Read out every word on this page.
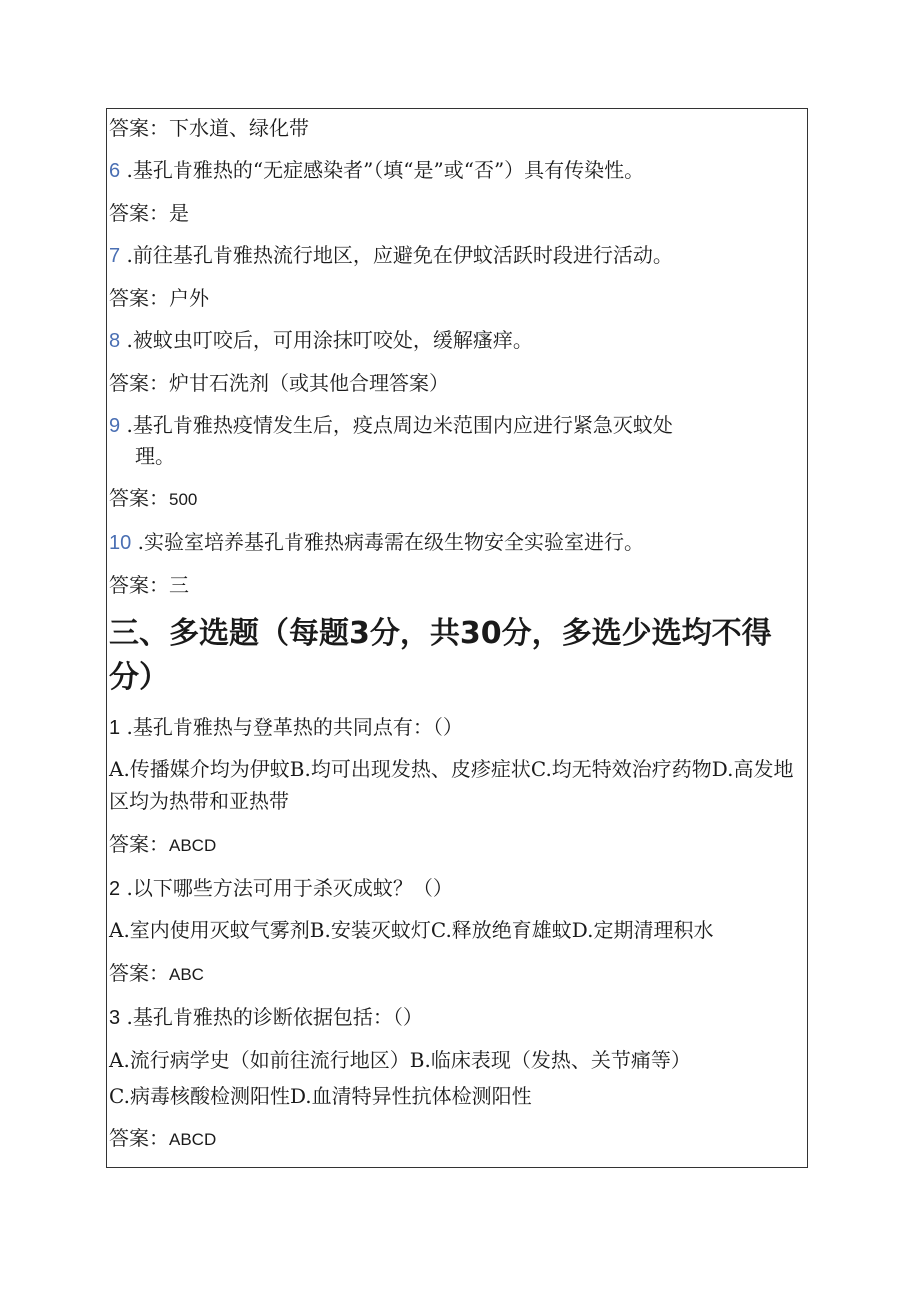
答案：下水道、绿化带

6 .基孔肯雅热的“无症感染者”（填“是”或“否”）具有传染性。

答案：是

7 .前往基孔肯雅热流行地区，应避免在伊蚊活跃时段进行活动。

答案：户外

8 .被蚊虫叮咬后，可用涂抹叮咬处，缓解瘙痒。

答案：炉甘石洗剂（或其他合理答案）

9 .基孔肯雅热疫情发生后，疫点周边米范围内应进行紧急灭蚊处

理。

答案：500

10 .实验室培养基孔肯雅热病毒需在级生物安全实验室进行。

答案：三

三、多选题（每题3分，共30分，多选少选均不得
分）

1 .基孔肯雅热与登革热的共同点有：（）

A.传播媒介均为伊蚊B.均可出现发热、皮疹症状C.均无特效治疗药物D.高发地区均为热带和亚热带

答案：ABCD

2 .以下哪些方法可用于杀灭成蚊？（）

A.室内使用灭蚊气雾剂B.安装灭蚊灯C.释放绝育雄蚊D.定期清理积水

答案：ABC

3 .基孔肯雅热的诊断依据包括：（）

A.流行病学史（如前往流行地区）B.临床表现（发热、关节痛等）

C.病毒核酸检测阳性D.血清特异性抗体检测阳性

答案：ABCD
